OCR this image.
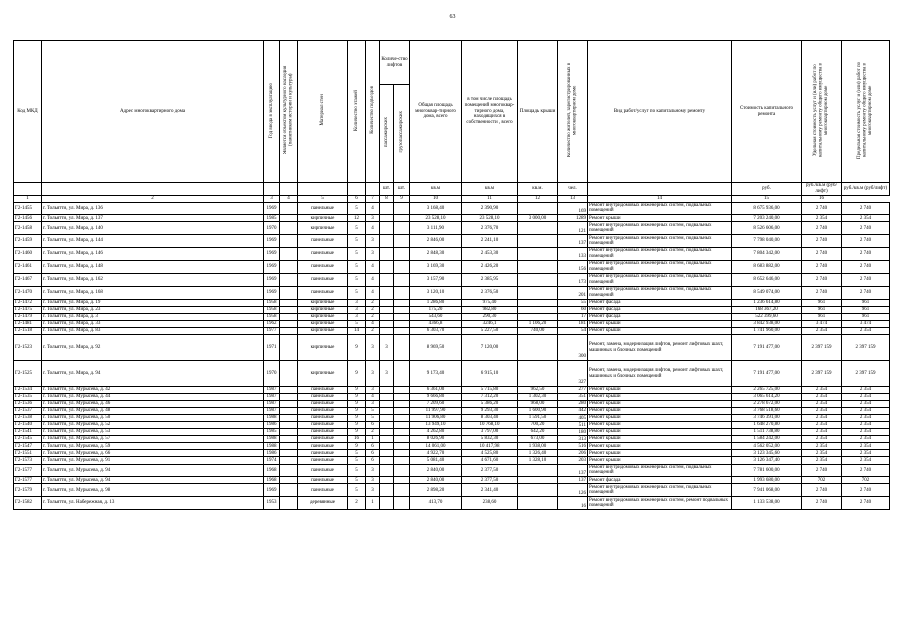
63
Код МКД	Адрес многоквартирного дома	Год ввода в эксплуатацию	Является объектом культурного наследия (памятником истории и культуры)	Материал стен	Количество этажей	Количество подъездов	Количе-ство лифтов		Общая площадь многоквар-тирного дома, всего	в том числе площадь помещений многоквар-тирного дома, находящихся в собственности , всего	Площадь крыши	Количество жителей, зарегистрированных в многоквартирном доме	Вид работ/услуг по капитальному ремонту	Стоимость капитального ремонта	Удельная стоимость услуг и (или) работ по капитальному ремонту общего имущества в многоквартирном доме	Предельная стоимость услуг и (или) работ по капитальному ремонту общего имущества в многоквартирном доме
							пассажирских	грузопассажирских								
							шт.	шт.	кв.м	кв.м	кв.м.	чел.		руб.	руб./кв.м (руб/лифт)	руб./кв.м (руб/лифт)
1	2	3	4	5	6	7	8	9	10	11	12	13	14	15	16	
Г2-1455	г. Тольятти, ул. Мира, д. 136	1969		панельные	5	4			3 168,40	2 390,90		169	Ремонт внутридомовых инженерных систем, подвальных помещений	8 675 936,00	2 740	2 740
Г2-1456	г. Тольятти, ул. Мира, д. 137	1985		кирпичные	12	3			23 528,10	23 528,10	3 000,00	1289	Ремонт крыши	7 203 240,00	2 354	2 354
Г2-1458	г. Тольятти, ул. Мира, д. 140	1970		кирпичные	5	4			3 111,90	2 376,70		121	Ремонт внутридомовых инженерных систем, подвальных помещений	8 526 606,00	2 740	2 740
Г2-1459	г. Тольятти, ул. Мира, д. 144	1969		панельные	5	3			2 846,00	2 241,10		137	Ремонт внутридомовых инженерных систем, подвальных помещений	7 798 040,00	2 740	2 740
Г2-1460	г. Тольятти, ул. Мира, д. 146	1969		панельные	5	3			2 848,30	2 453,30		133	Ремонт внутридомовых инженерных систем, подвальных помещений	7 804 342,00	2 740	2 740
Г2-1461	г. Тольятти, ул. Мира, д. 148	1969		панельные	5	4			3 169,30	2 426,20		156	Ремонт внутридомовых инженерных систем, подвальных помещений	8 683 882,00	2 740	2 740
Г2-1467	г. Тольятти, ул. Мира, д. 162	1969		панельные	5	4			3 157,90	2 385,95		173	Ремонт внутридомовых инженерных систем, подвальных помещений	8 652 646,00	2 740	2 740
Г2-1470	г. Тольятти, ул. Мира, д. 168	1969		панельные	5	4			3 120,10	2 376,50		201	Ремонт внутридомовых инженерных систем, подвальных помещений	8 549 074,00	2 740	2 740
Г2-1472	г. Тольятти, ул. Мира, д. 19	1958		кирпичные	3	2			1 286,80	975,40		55	Ремонт фасада	1 236 614,80	961	961
Г2-1475	г. Тольятти, ул. Мира, д. 23	1958		кирпичные	3	2			175,20	982,80		60	Ремонт фасада	168 367,20	961	961
Г2-1479	г. Тольятти, ул. Мира, д. 3	1958		кирпичные	3	2			543,60	290,30		17	Ремонт фасада	522 399,60	961	961
Г2-1481	г. Тольятти, ул. Мира, д. 33	1962		кирпичные	5	4			4366,8	3246,1	1 106,20	181	Ремонт крыши	3 842 938,00	3 474	3 474
Г2-1518	г. Тольятти, ул. Мира, д. 83	1977		кирпичные	14	2			6 303,70	5 227,50	740,00	54	Ремонт крыши	1 741 960,00	2 354	2 354
Г2-1523	г. Тольятти, ул. Мира, д. 92	1971		кирпичные	9	3	3		8 969,50	7 120,00		300	Ремонт, замена, модернизация лифтов, ремонт лифтовых шахт, машинных и блочных помещений	7 191 477,00	2 397 159	2 397 159
Г2-1525	г. Тольятти, ул. Мира, д. 94	1970		кирпичные	9	3	3		9 173,40	6 915,10		327	Ремонт, замена, модернизация лифтов, ремонт лифтовых шахт, машинных и блочных помещений	7 191 477,00	2 397 159	2 397 159
Г2-1534	г. Тольятти, ул. Мурысева, д. 42	1987		панельные	9	3			6 361,00	5 715,80	962,50	277	Ремонт крыши	2 265 725,00	2 354	2 354
Г2-1535	г. Тольятти, ул. Мурысева, д. 44	1987		панельные	9	4			9 666,80	7 312,20	1 302,30	351	Ремонт крыши	3 065 614,20	2 354	2 354
Г2-1536	г. Тольятти, ул. Мурысева, д. 46	1987		панельные	9	3			7 209,60	5 386,20	968,00	280	Ремонт крыши	2 278 672,00	2 354	2 354
Г2-1537	г. Тольятти, ул. Мурысева, д. 48	1987		панельные	9	5			11 997,90	9 293,30	1 600,90	442	Ремонт крыши	3 768 518,60	2 354	2 354
Г2-1538	г. Тольятти, ул. Мурысева, д. 50	1988		панельные	9	5			11 906,80	8 303,40	1 591,50	405	Ремонт крыши	3 746 391,00	2 354	2 354
Г2-1540	г. Тольятти, ул. Мурысева, д. 52	1986		панельные	9	6			13 949,10	10 768,10	700,20	511	Ремонт крыши	1 648 270,80	2 354	2 354
Г2-1541	г. Тольятти, ул. Мурысева, д. 53	1985		панельные	9	2			4 262,80	3 797,00	642,20	180	Ремонт крыши	1 511 738,80	2 354	2 354
Г2-1545	г. Тольятти, ул. Мурысева, д. 57	1988		панельные	16	1			8 026,90	5 832,30	673,00	313	Ремонт крыши	1 584 242,00	2 354	2 354
Г2-1547	г. Тольятти, ул. Мурысева, д. 59	1988		панельные	9	6			14 061,00	10 417,98	1 938,00	516	Ремонт крыши	4 562 052,00	2 354	2 354
Г2-1551	г. Тольятти, ул. Мурысева, д. 66	1986		панельные	5	6			4 922,70	4 525,80	1 326,40	206	Ремонт крыши	3 123 345,60	2 354	2 354
Г2-1573	г. Тольятти, ул. Мурысева, д. 91	1974		панельные	5	6			5 081,40	4 671,60	1 328,10	203	Ремонт крыши	3 126 347,40	2 354	2 354
Г2-1577	г. Тольятти, ул. Мурысева, д. 94	1968		панельные	5	3			2 840,00	2 377,50		137	Ремонт внутридомовых инженерных систем, подвальных помещений	7 781 600,00	2 740	2 740
Г2-1577	г. Тольятти, ул. Мурысева, д. 94	1968		панельные	5	3			2 840,00	2 377,50		137	Ремонт фасада	1 993 680,00	702	702
Г2-1579	г. Тольятти, ул. Мурысева, д. 98	1969		панельные	5	3			2 898,20	2 341,40		126	Ремонт внутридомовых инженерных систем, подвальных помещений	7 941 068,00	2 740	2 740
Г2-1582	г. Тольятти, ул. Набережная, д. 13	1953		деревянные	2	1			413,70	238,60		16	Ремонт внутридомовых инженерных систем, ремонт подвальных помещений	1 133 538,00	2 740	2 740
